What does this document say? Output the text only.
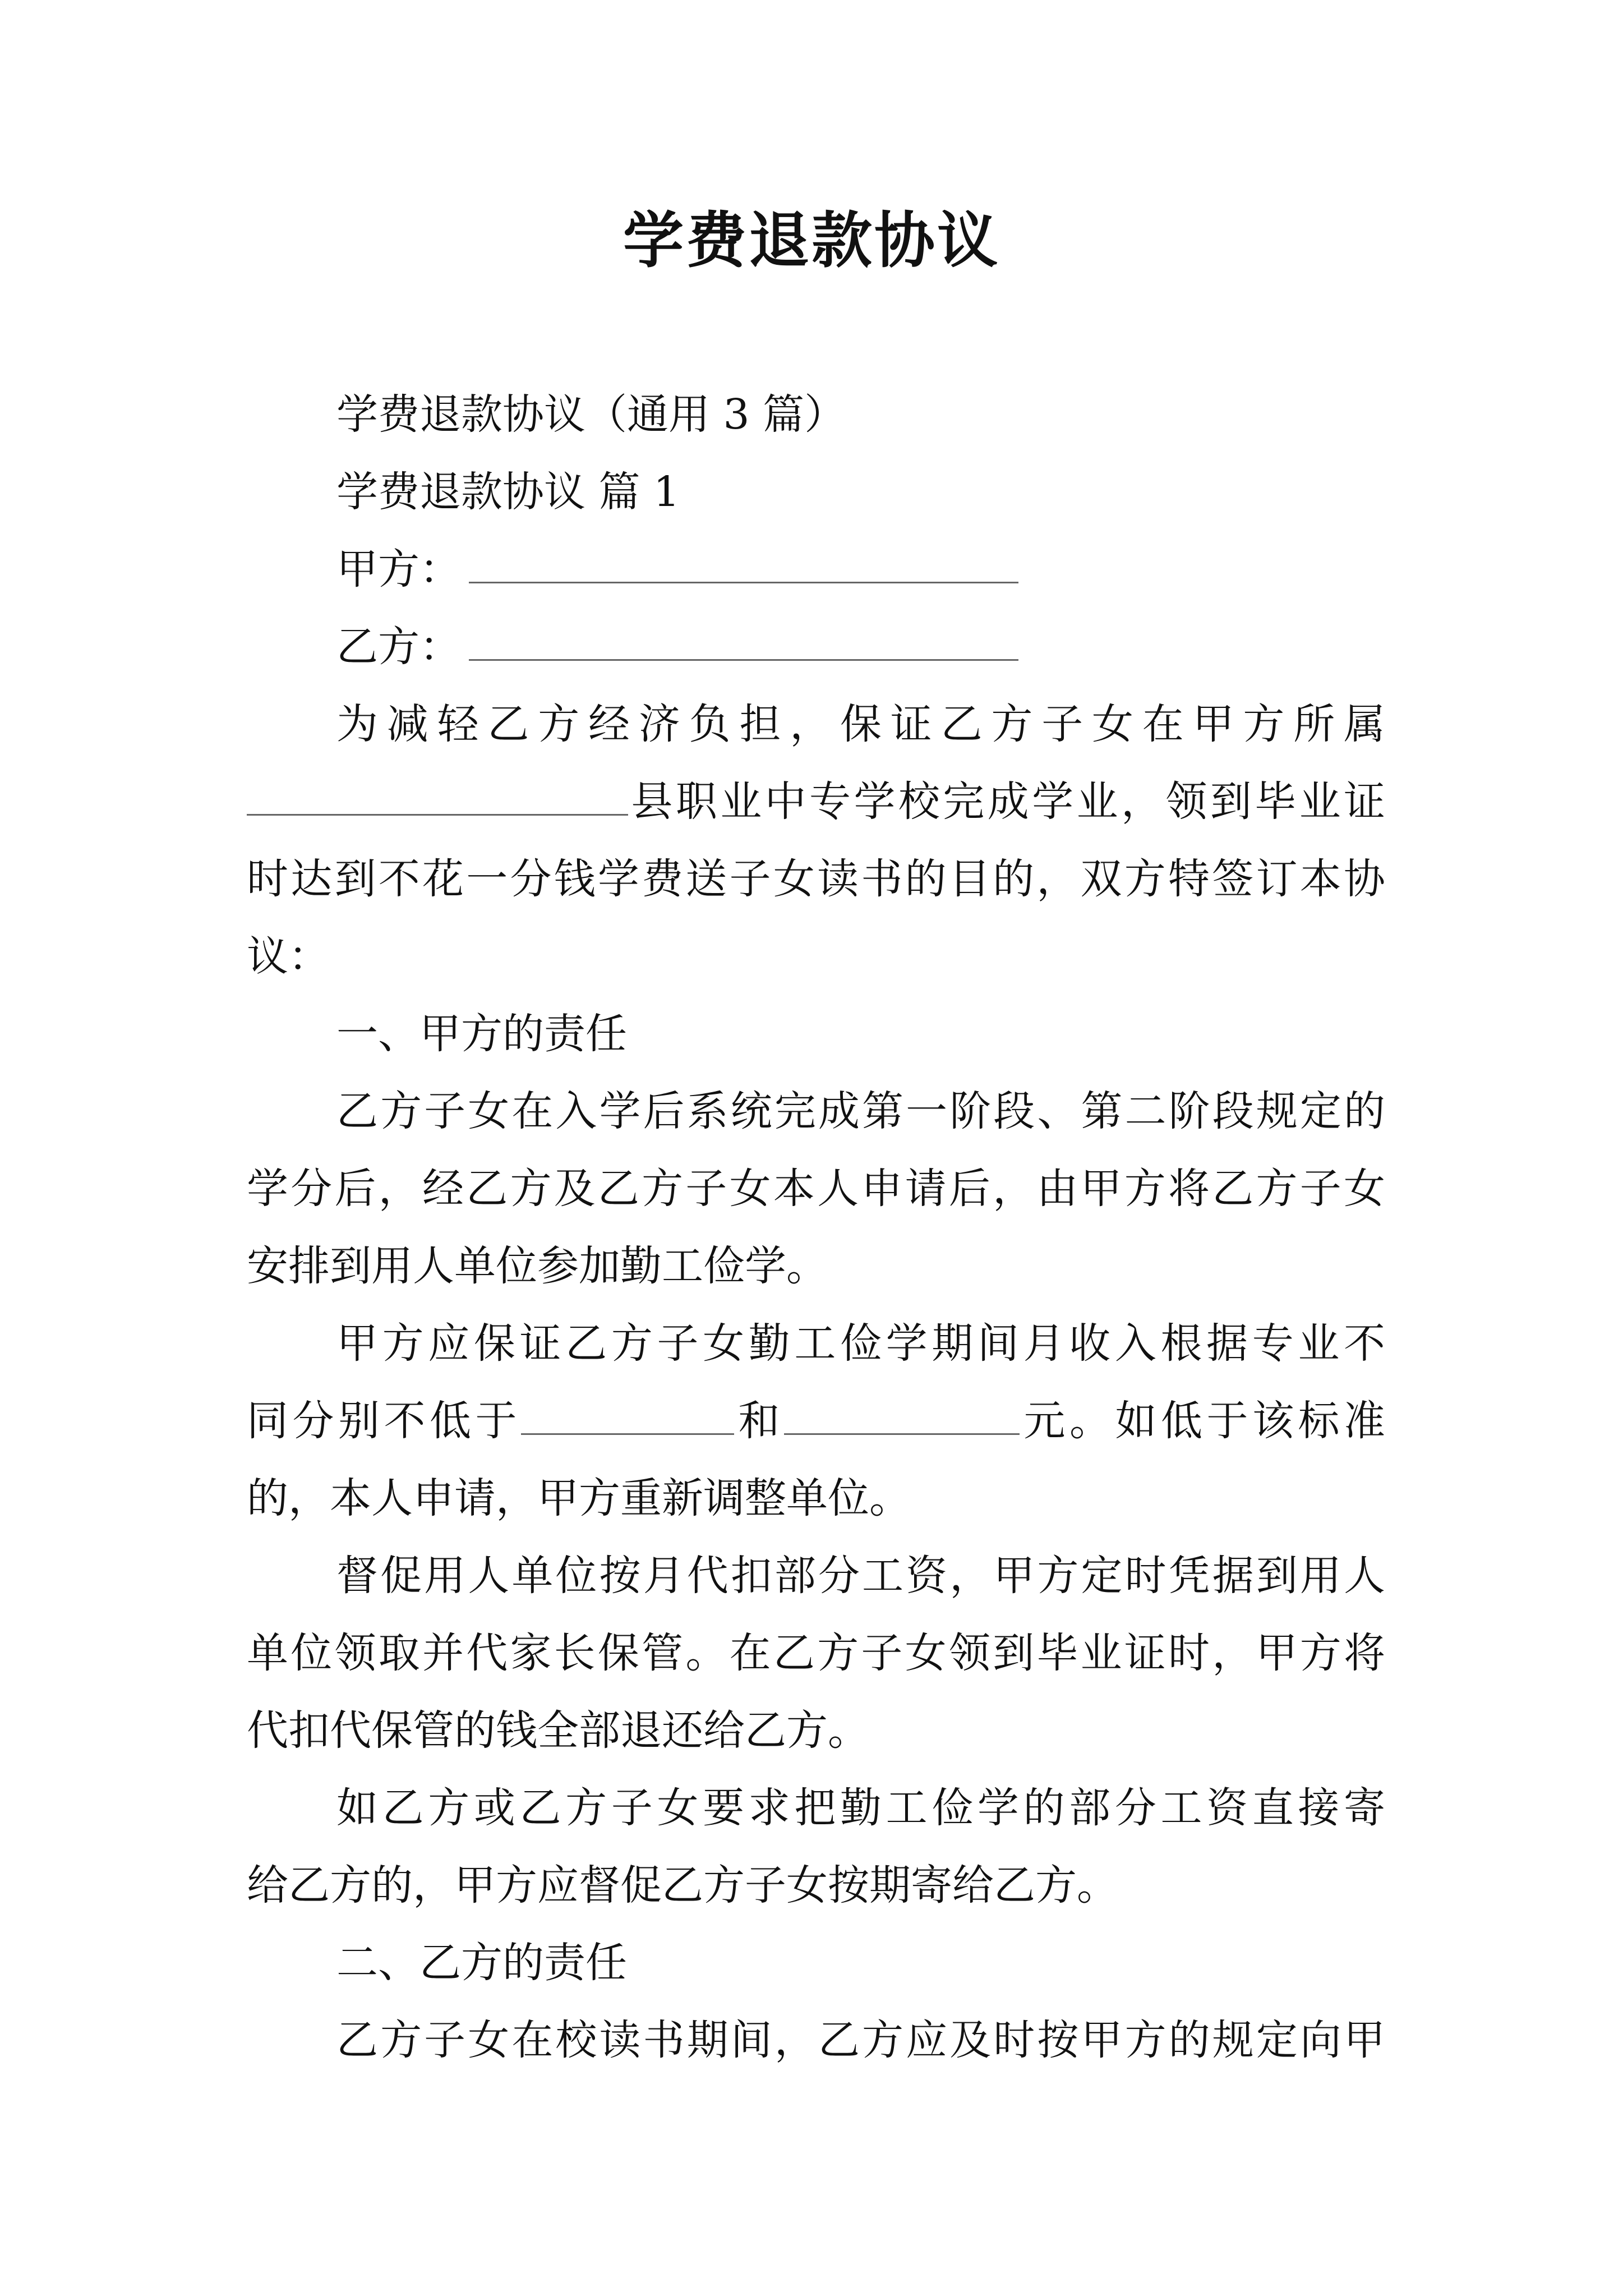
学费退款协议
学费退款协议（通用 3 篇）
学费退款协议 篇 1
甲方：
乙方：
为减轻乙方经济负担，保证乙方子女在甲方所属
县职业中专学校完成学业，领到毕业证
时达到不花一分钱学费送子女读书的目的，双方特签订本协
议：
一、甲方的责任
乙方子女在入学后系统完成第一阶段、第二阶段规定的
学分后，经乙方及乙方子女本人申请后，由甲方将乙方子女
安排到用人单位参加勤工俭学。
甲方应保证乙方子女勤工俭学期间月收入根据专业不
同分别不低于	和	元。如低于该标准
的，本人申请，甲方重新调整单位。
督促用人单位按月代扣部分工资，甲方定时凭据到用人
单位领取并代家长保管。在乙方子女领到毕业证时，甲方将
代扣代保管的钱全部退还给乙方。
如乙方或乙方子女要求把勤工俭学的部分工资直接寄
给乙方的，甲方应督促乙方子女按期寄给乙方。
二、乙方的责任
乙方子女在校读书期间，乙方应及时按甲方的规定向甲
